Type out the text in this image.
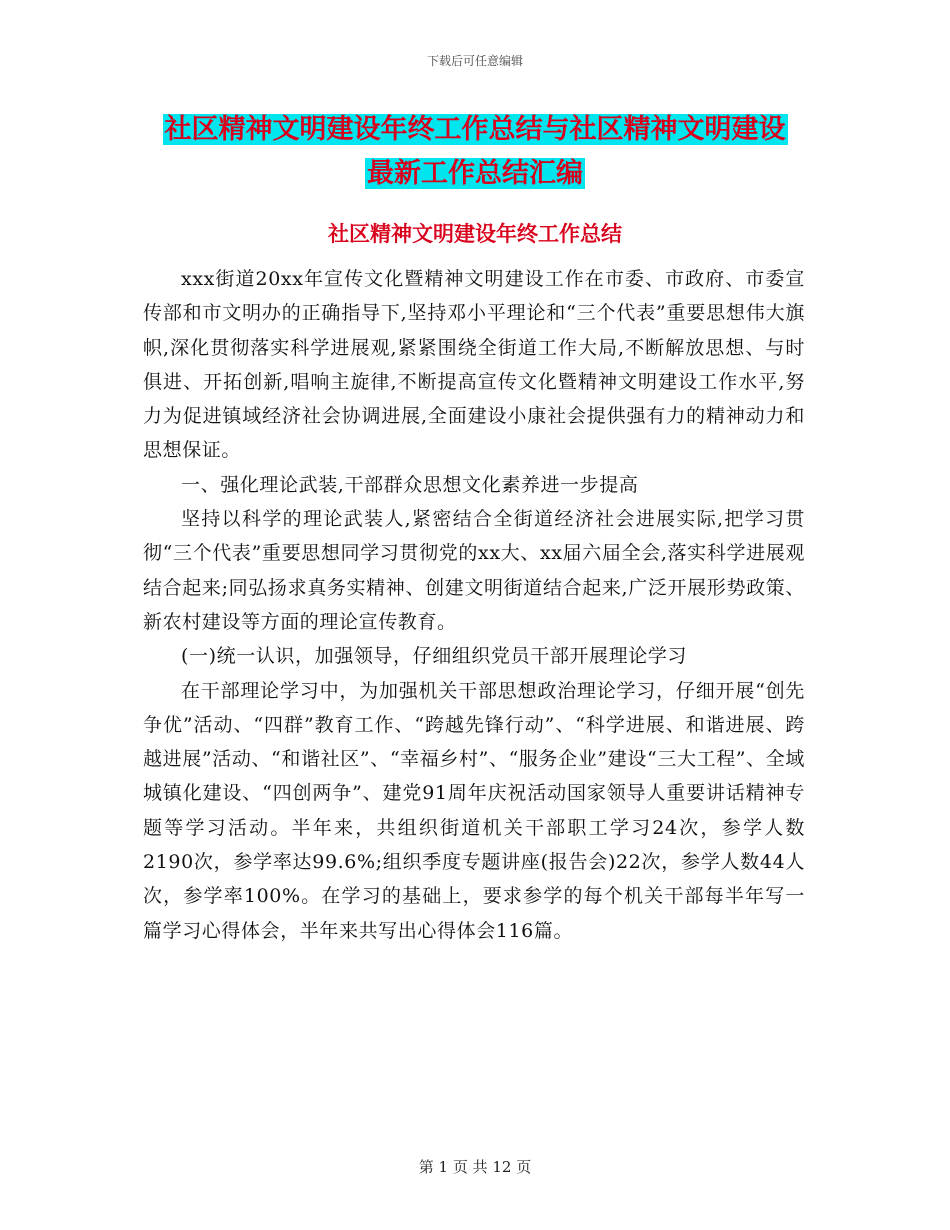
下载后可任意编辑
社区精神文明建设年终工作总结与社区精神文明建设
最新工作总结汇编
社区精神文明建设年终工作总结

xxx街道20xx年宣传文化暨精神文明建设工作在市委、市政府、市委宣传部和市文明办的正确指导下,坚持邓小平理论和“三个代表”重要思想伟大旗帜,深化贯彻落实科学进展观,紧紧围绕全街道工作大局,不断解放思想、与时俱进、开拓创新,唱响主旋律,不断提高宣传文化暨精神文明建设工作水平,努力为促进镇域经济社会协调进展,全面建设小康社会提供强有力的精神动力和思想保证。

一、强化理论武装,干部群众思想文化素养进一步提高

坚持以科学的理论武装人,紧密结合全街道经济社会进展实际,把学习贯彻“三个代表”重要思想同学习贯彻党的xx大、xx届六届全会,落实科学进展观结合起来;同弘扬求真务实精神、创建文明街道结合起来,广泛开展形势政策、新农村建设等方面的理论宣传教育。

(一)统一认识，加强领导，仔细组织党员干部开展理论学习

在干部理论学习中，为加强机关干部思想政治理论学习，仔细开展“创先争优”活动、“四群”教育工作、“跨越先锋行动”、“科学进展、和谐进展、跨越进展”活动、“和谐社区”、“幸福乡村”、“服务企业”建设“三大工程”、全域城镇化建设、“四创两争”、建党91周年庆祝活动国家领导人重要讲话精神专题等学习活动。半年来，共组织街道机关干部职工学习24次，参学人数2190次，参学率达99.6%;组织季度专题讲座(报告会)22次，参学人数44人次，参学率100%。在学习的基础上，要求参学的每个机关干部每半年写一篇学习心得体会，半年来共写出心得体会116篇。

第 1 页 共 12 页
